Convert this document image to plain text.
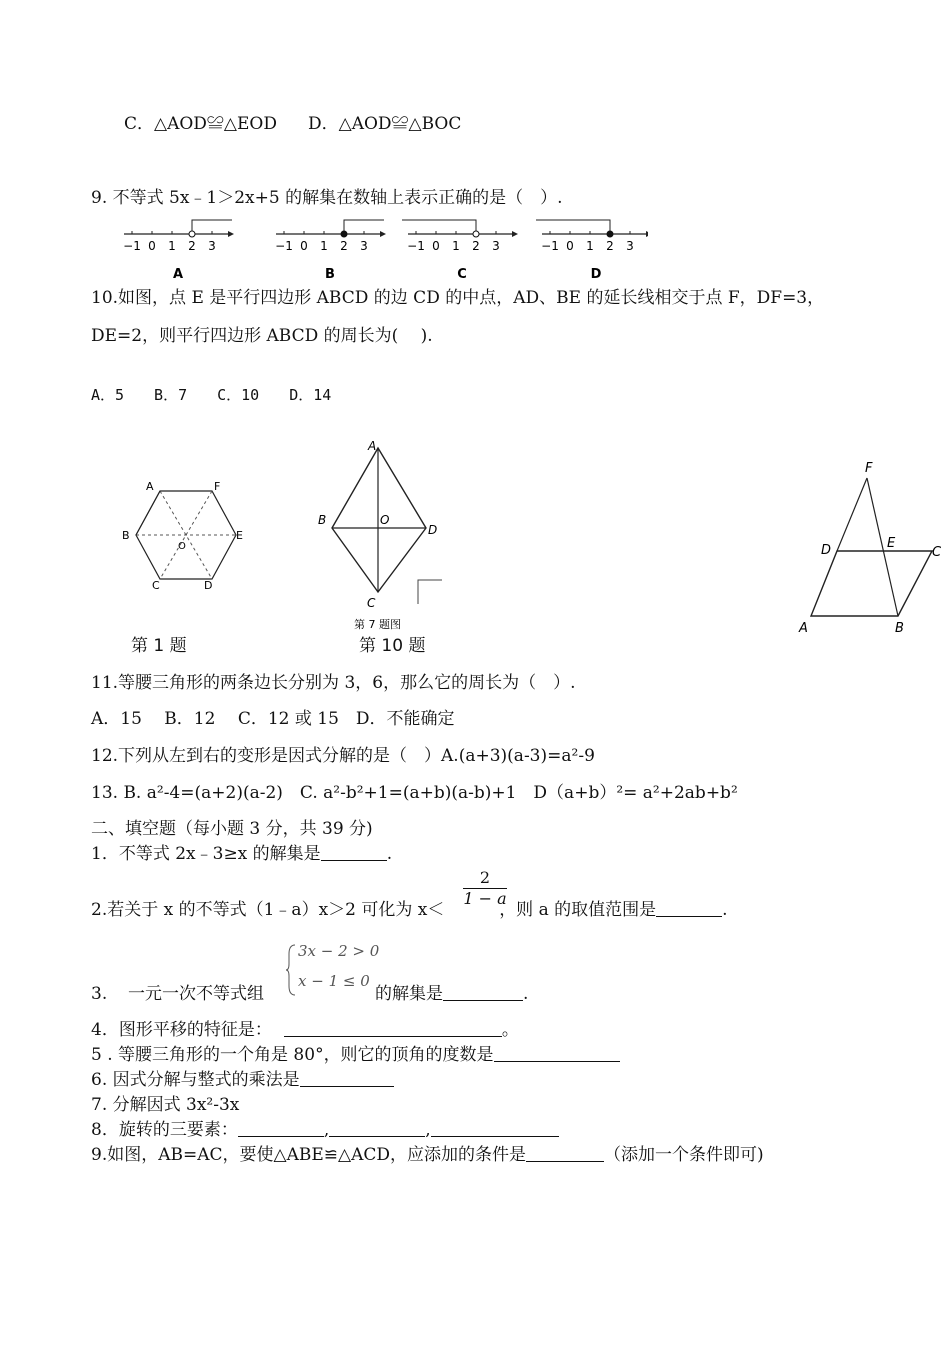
C．△AOD≌△EOD D．△AOD≌△BOC
9. 不等式 5x﹣1＞2x+5 的解集在数轴上表示正确的是（　）.
−1 0 1 2 3
A
−1 0 1 2 3
B
−1 0 1 2 3
C
−1 0 1 2 3
D
10.如图，点 E 是平行四边形 ABCD 的边 CD 的中点，AD、BE 的延长线相交于点 F，DF=3，
DE=2，则平行四边形 ABCD 的周长为(　 ).
A．5　　B．7　　C．10　　D．14
A	F
B	E
O
C	D
第 1 题
A
B	O
D
C
第 7 题图
第 10 题
F
D	E
C
A	B
11.等腰三角形的两条边长分别为 3，6，那么它的周长为（　）.
A．15　 B．12　 C．12 或 15　D．不能确定
12.下列从左到右的变形是因式分解的是（　）A.(a+3)(a-3)=a²-9
13. B. a²-4=(a+2)(a-2)　C. a²-b²+1=(a+b)(a-b)+1　D（a+b）²= a²+2ab+b²
二、填空题（每小题 3 分，共 39 分)
1．不等式 2x﹣3≥x 的解集是	.
2.若关于 x 的不等式（1﹣a）x＞2 可化为 x＜	，则 a 的取值范围是	.
$\frac{2}{1 - a}$
3. 一元一次不等式组
3x − 2 > 0
x − 1 ≤ 0
的解集是	.
4．图形平移的特征是：	。
5 . 等腰三角形的一个角是 80°，则它的顶角的度数是
6. 因式分解与整式的乘法是
7. 分解因式 3x²-3x
8．旋转的三要素：	,	,
9.如图，AB=AC，要使△ABE≌△ACD，应添加的条件是	（添加一个条件即可)
